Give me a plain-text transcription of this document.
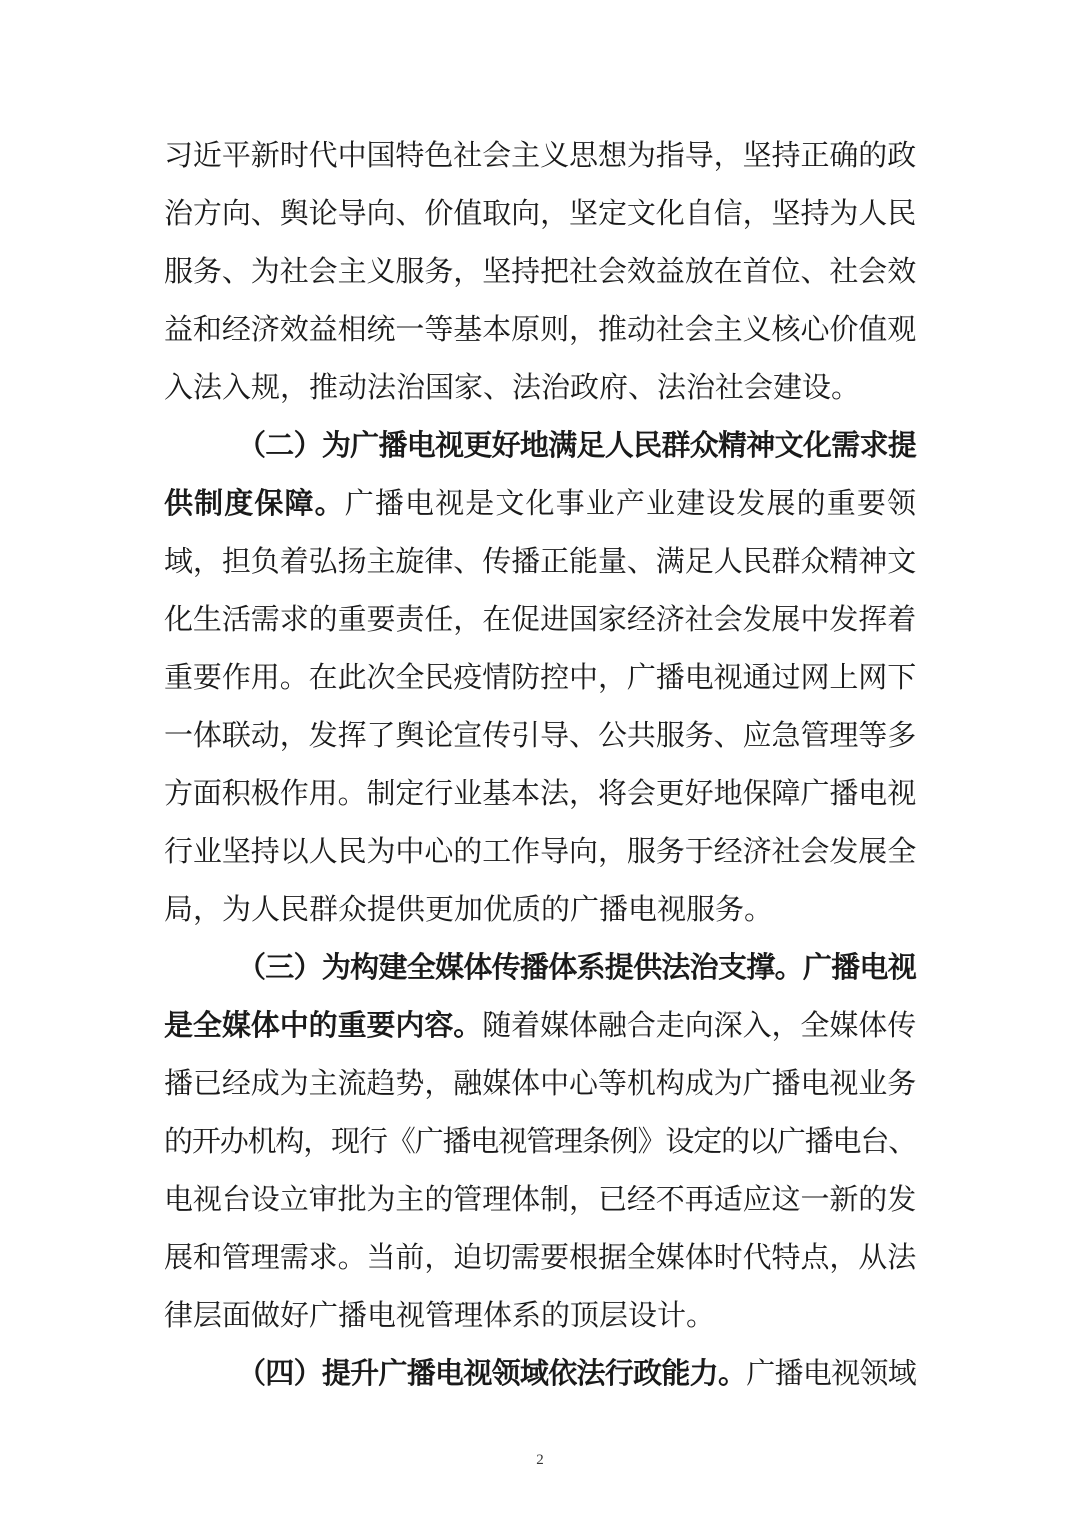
习近平新时代中国特色社会主义思想为指导，坚持正确的政
治方向、舆论导向、价值取向，坚定文化自信，坚持为人民
服务、为社会主义服务，坚持把社会效益放在首位、社会效
益和经济效益相统一等基本原则，推动社会主义核心价值观
入法入规，推动法治国家、法治政府、法治社会建设。
（二）为广播电视更好地满足人民群众精神文化需求提
供制度保障。广播电视是文化事业产业建设发展的重要领
域，担负着弘扬主旋律、传播正能量、满足人民群众精神文
化生活需求的重要责任，在促进国家经济社会发展中发挥着
重要作用。在此次全民疫情防控中，广播电视通过网上网下
一体联动，发挥了舆论宣传引导、公共服务、应急管理等多
方面积极作用。制定行业基本法，将会更好地保障广播电视
行业坚持以人民为中心的工作导向，服务于经济社会发展全
局，为人民群众提供更加优质的广播电视服务。
（三）为构建全媒体传播体系提供法治支撑。广播电视
是全媒体中的重要内容。随着媒体融合走向深入，全媒体传
播已经成为主流趋势，融媒体中心等机构成为广播电视业务
的开办机构，现行《广播电视管理条例》设定的以广播电台、
电视台设立审批为主的管理体制，已经不再适应这一新的发
展和管理需求。当前，迫切需要根据全媒体时代特点，从法
律层面做好广播电视管理体系的顶层设计。
（四）提升广播电视领域依法行政能力。广播电视领域
2
